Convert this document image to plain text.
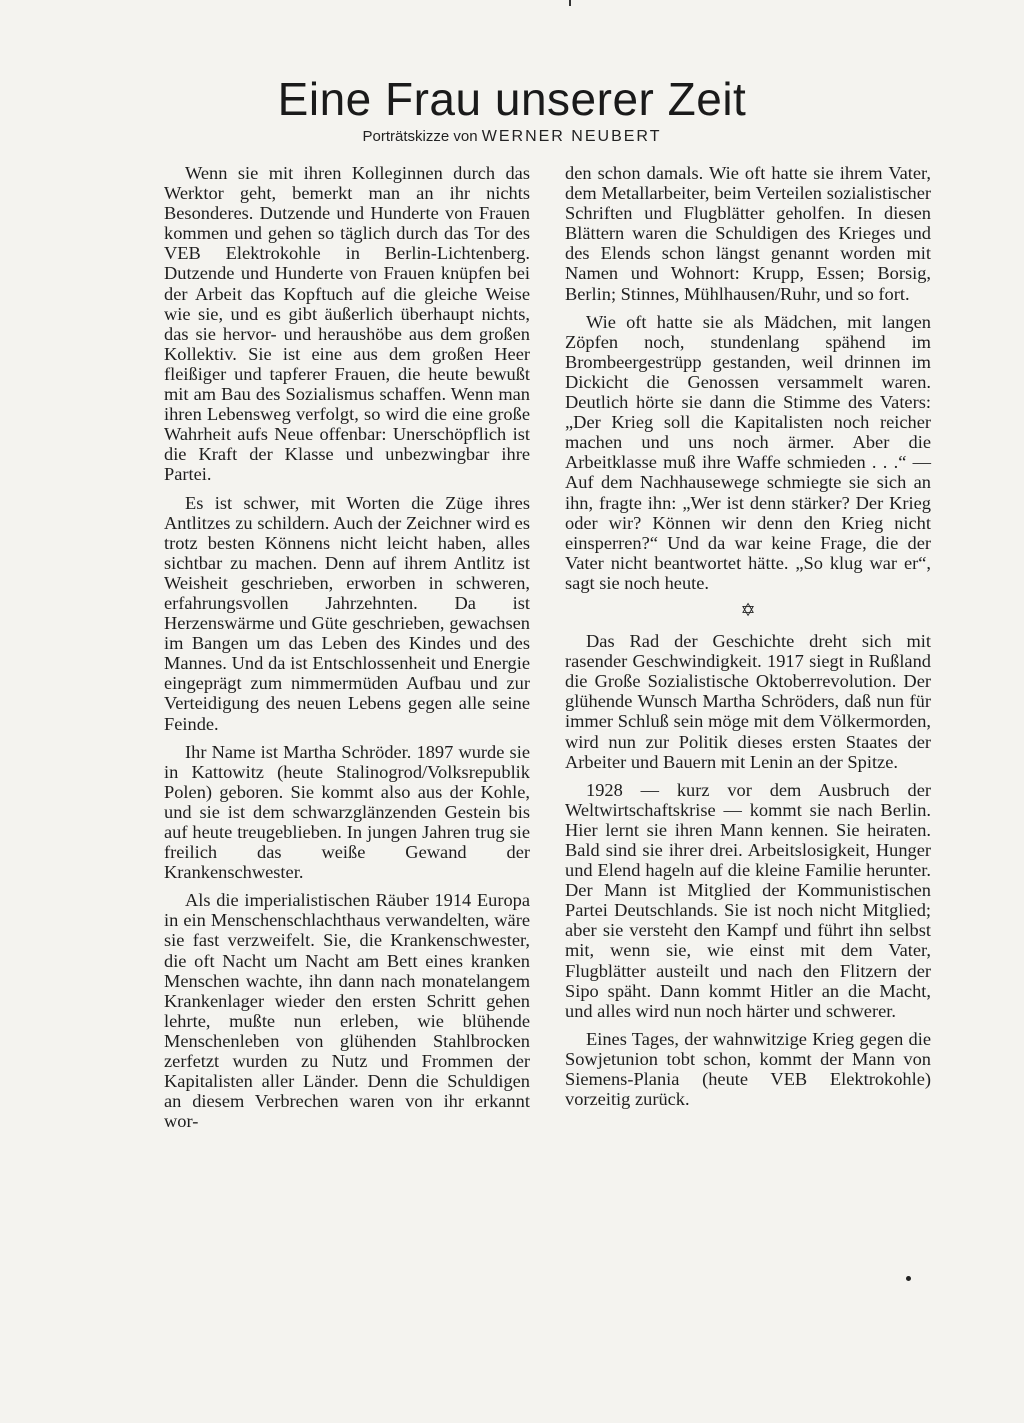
Eine Frau unserer Zeit
Porträtskizze von WERNER NEUBERT

Wenn sie mit ihren Kolleginnen durch das Werktor geht, bemerkt man an ihr nichts Besonderes. Dutzende und Hunderte von Frauen kommen und gehen so täglich durch das Tor des VEB Elektrokohle in Berlin-Lichtenberg. Dutzende und Hunderte von Frauen knüpfen bei der Arbeit das Kopftuch auf die gleiche Weise wie sie, und es gibt äußerlich überhaupt nichts, das sie hervor- und heraushöbe aus dem großen Kollektiv. Sie ist eine aus dem großen Heer fleißiger und tapferer Frauen, die heute bewußt mit am Bau des Sozialismus schaffen. Wenn man ihren Lebensweg verfolgt, so wird die eine große Wahrheit aufs Neue offenbar: Unerschöpflich ist die Kraft der Klasse und unbezwingbar ihre Partei.

Es ist schwer, mit Worten die Züge ihres Antlitzes zu schildern. Auch der Zeichner wird es trotz besten Könnens nicht leicht haben, alles sichtbar zu machen. Denn auf ihrem Antlitz ist Weisheit geschrieben, erworben in schweren, erfahrungsvollen Jahrzehnten. Da ist Herzenswärme und Güte geschrieben, gewachsen im Bangen um das Leben des Kindes und des Mannes. Und da ist Entschlossenheit und Energie eingeprägt zum nimmermüden Aufbau und zur Verteidigung des neuen Lebens gegen alle seine Feinde.

Ihr Name ist Martha Schröder. 1897 wurde sie in Kattowitz (heute Stalinogrod/Volksrepublik Polen) geboren. Sie kommt also aus der Kohle, und sie ist dem schwarzglänzenden Gestein bis auf heute treugeblieben. In jungen Jahren trug sie freilich das weiße Gewand der Krankenschwester.

Als die imperialistischen Räuber 1914 Europa in ein Menschenschlachthaus verwandelten, wäre sie fast verzweifelt. Sie, die Krankenschwester, die oft Nacht um Nacht am Bett eines kranken Menschen wachte, ihn dann nach monatelangem Krankenlager wieder den ersten Schritt gehen lehrte, mußte nun erleben, wie blühende Menschenleben von glühenden Stahlbrocken zerfetzt wurden zu Nutz und Frommen der Kapitalisten aller Länder. Denn die Schuldigen an diesem Verbrechen waren von ihr erkannt wor-

den schon damals. Wie oft hatte sie ihrem Vater, dem Metallarbeiter, beim Verteilen sozialistischer Schriften und Flugblätter geholfen. In diesen Blättern waren die Schuldigen des Krieges und des Elends schon längst genannt worden mit Namen und Wohnort: Krupp, Essen; Borsig, Berlin; Stinnes, Mühlhausen/Ruhr, und so fort.

Wie oft hatte sie als Mädchen, mit langen Zöpfen noch, stundenlang spähend im Brombeergestrüpp gestanden, weil drinnen im Dickicht die Genossen versammelt waren. Deutlich hörte sie dann die Stimme des Vaters: „Der Krieg soll die Kapitalisten noch reicher machen und uns noch ärmer. Aber die Arbeitklasse muß ihre Waffe schmieden . . .“ — Auf dem Nachhausewege schmiegte sie sich an ihn, fragte ihn: „Wer ist denn stärker? Der Krieg oder wir? Können wir denn den Krieg nicht einsperren?“ Und da war keine Frage, die der Vater nicht beantwortet hätte. „So klug war er“, sagt sie noch heute.

✡

Das Rad der Geschichte dreht sich mit rasender Geschwindigkeit. 1917 siegt in Rußland die Große Sozialistische Oktoberrevolution. Der glühende Wunsch Martha Schröders, daß nun für immer Schluß sein möge mit dem Völkermorden, wird nun zur Politik dieses ersten Staates der Arbeiter und Bauern mit Lenin an der Spitze.

1928 — kurz vor dem Ausbruch der Weltwirtschaftskrise — kommt sie nach Berlin. Hier lernt sie ihren Mann kennen. Sie heiraten. Bald sind sie ihrer drei. Arbeitslosigkeit, Hunger und Elend hageln auf die kleine Familie herunter. Der Mann ist Mitglied der Kommunistischen Partei Deutschlands. Sie ist noch nicht Mitglied; aber sie versteht den Kampf und führt ihn selbst mit, wenn sie, wie einst mit dem Vater, Flugblätter austeilt und nach den Flitzern der Sipo späht. Dann kommt Hitler an die Macht, und alles wird nun noch härter und schwerer.

Eines Tages, der wahnwitzige Krieg gegen die Sowjetunion tobt schon, kommt der Mann von Siemens-Plania (heute VEB Elektrokohle) vorzeitig zurück.
